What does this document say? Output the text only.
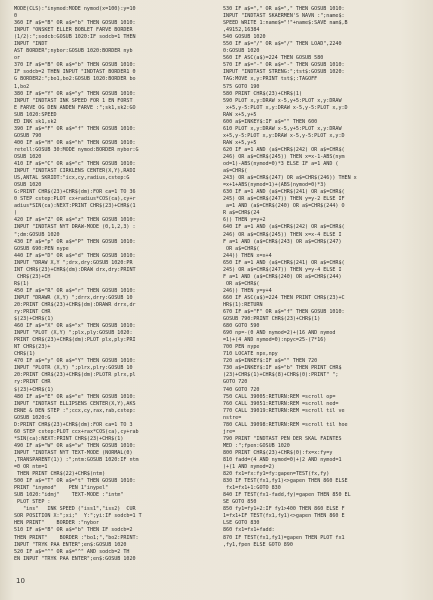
MODE(CLS):"inymod:MODE nymod(x=100):y=10
0
360 IF a$="B" OR a$="b" THEN GOSUB 1010:
INPUT "ONSKET ELLER BOBLET FARVE BORDER
(1/2):";sodcb:GOSUB 1020:IF sodcb=1 THEN
INPUT "INDT
AST BORDER";nybor:GOSUB 1020:BORDER nyb
or
370 IF a$="B" OR a$="b" THEN GOSUB 1010:
IF sodcb=2 THEN INPUT "INDTAST BORDER1 0
G BORDER2:";bo1,bo2:GOSUB 1020:BORDER bo
1,bo2
380 IF a$="Y" OR a$="y" THEN GOSUB 1010:
INPUT "INDTAST INK SPEED FOR 1 EN FORST
E FARVE OG DEN ANDEN FARVE :";sk1,sk2:GO
SUB 1020:SPEED
ED INK sk1,sk2
390 IF a$="F" OR a$="f" THEN GOSUB 1010:
GOSUB 790
400 IF a$="H" OR a$="h" THEN GOSUB 1010:
retell:GOSUB 30:MODE nymod:BORDER nybor:G
OSUB 1020
410 IF a$="C" OR a$="c" THEN GOSUB 1010:
INPUT "INDTAST CIRKLENS CENTER(X,Y),RADI
US,ANTAL SKRIDT:"icx,cy,radius,cstep:G
OSUB 1020
G:PRINT CHR$(23)+CHR$(dm):FOR ca=1 TO 36
0 STEP cstep:PLOT cx+radius*COS(ca),cy+r
adius*SIN(ca):NEXT:PRINT CHR$(23)+CHR$(1
)
420 IF a$="Z" OR a$="z" THEN GOSUB 1010:
INPUT "INDTAST NYT DRAW-MODE (0,1,2,3) :
";dm:GOSUB 1020
430 IF a$="p" OR a$="P" THEN GOSUB 1010:
GOSUB 690:PEN nype
440 IF a$="D" OR a$="d" THEN GOSUB 1010:
INPUT "DRAW X,Y ";drx,dry:GOSUB 1020:PR
INT CHR$(23)+CHR$(dm):DRAW drx,dry:PRINT
CHR$(23)+CH
R$(1)
450 IF a$="R" OR a$="r" THEN GOSUB 1010:
INPUT "DRAWR (X,Y) ";drrx,drry:GOSUB 10
20:PRINT CHR$(23)+CHR$(dm):DRAWR drrx,dr
ry:PRINT CHR
$(23)+CHR$(1)
460 IF a$="X" OR a$="x" THEN GOSUB 1010:
INPUT "PLOT (X,Y) ";plx,ply:GOSUB 1020:
PRINT CHR$(23)+CHR$(dm):PLOT plx,ply:PRI
NT CHR$(23)+
CHR$(1)
470 IF a$="y" OR a$="Y" THEN GOSUB 1010:
INPUT "PLOTR (X,Y) ";plrx,plry:GOSUB 10
20:PRINT CHR$(23)+CHR$(dm):PLOTR plrx,pl
ry:PRINT CHR
$(23)+CHR$(1)
480 IF a$="E" OR a$="e" THEN GOSUB 1010:
INPUT "INDTAST ELLIPSENS CENTER(X,Y),AKS
ERNE & DEN STEP :";ccx,cy,rax,rab,cstep:
GOSUB 1020:G
D:PRINT CHR$(23)+CHR$(dm):FOR ca=1 TO 3
60 STEP cstep:PLOT ccx+rax*COS(ca),cy+rab
*SIN(ca):NEXT:PRINT CHR$(23)+CHR$(1)
490 IF a$="W" OR a$="w" THEN GOSUB 1010:
INPUT "INDTAST NYT TEXT-MODE (NORMAL(0)
,TRANSPARENT(1)) :";ntm:GOSUB 1020:IF ntm
=0 OR ntm=1
THEN PRINT CHR$(22)+CHR$(ntm)
500 IF a$="T" OR a$="t" THEN GOSUB 1010:
PRINT "inymod"    PEN 1"inypel"
SUB 1020:"idmj"    TEXT-MODE :"intm"
PLOT STEP :
"ins"   INK SPEED ("iss1","iss2)  CUR
SOR POSITION X:";xi;"  Y:";yi:IF sodcb=1 T
HEN PRINT"    BORDER :"nybor
510 IF a$="B" OR a$="b" THEN IF sodcb=2
THEN PRINT"    BORDER :"bo1;","bo2:PRINT:
INPUT "TRYK PAA ENTER";en$:GOSUB 1020
520 IF a$="^" OR a$="^" AND sodcb=2 TH
EN INPUT "TRYK PAA ENTER";en$:GOSUB 1020
530 IF a$="," OR a$="," THEN GOSUB 1010:
INPUT "INDTAST SKAERMEN'S NAVN :";name$:
SPEED WRITE 1:name$="!"+name$:SAVE nam$,B
,49152,16384
540 GOSUB 1020
550 IF a$="/" OR a$="/" THEN LOAD",2240
0:GOSUB 1020
560 IF ASC(a$)=224 THEN GOSUB 580
570 IF a$="-" OR a$="-" THEN GOSUB 1010:
INPUT "INDTAST STRENG:";tst$:GOSUB 1020:
TAG:MOVE x,y:PRINT tst$;:TAGOFF
575 GOTO 190
580 PRINT CHR$(23)+CHR$(1)
590 PLOT x,y:DRAW x-5,y+5:PLOT x,y:DRAW
x+5,y-5:PLOT x,y:DRAW x-5,y-5:PLOT x,y:D
RAW x+5,y+5
600 a$=INKEY$:IF a$="" THEN 600
610 PLOT x,y:DRAW x-5,y+5:PLOT x,y:DRAW
x+5,y-5:PLOT x,y:DRAW x-5,y-5:PLOT x,y:D
RAW x+5,y+5
620 IF a=1 AND (a$=CHR$(242) OR a$=CHR$(
246) OR a$=CHR$(245)) THEN x=x-1-ABS(nym
od=1)-ABS(nymod=0)*3 ELSE IF a=1 AND (
a$=CHR$(
243) OR a$=CHR$(247) OR a$=CHR$(246)) THEN x
=x+1+ABS(nymod=1)+(ABS(nymod=0)*3)
630 IF a=1 AND (a$=CHR$(241) OR a$=CHR$(
245) OR a$=CHR$(247)) THEN y=y-2 ELSE IF
a=1 AND (a$=CHR$(240) OR a$=CHR$(244) O
R a$=CHR$(24
6)) THEN y=y+2
640 IF a=1 AND (a$=CHR$(242) OR a$=CHR$(
246) OR a$=CHR$(245)) THEN x=x-4 ELSE I
F a=1 AND (a$=CHR$(243) OR a$=CHR$(247)
OR a$=CHR$(
244)) THEN x=x+4
650 IF a=1 AND (a$=CHR$(241) OR a$=CHR$(
245) OR a$=CHR$(247)) THEN y=y-4 ELSE I
F a=1 AND (a$=CHR$(240) OR a$=CHR$(244)
OR a$=CHR$(
246)) THEN y=y+4
660 IF ASC(a$)=224 THEN PRINT CHR$(23)+C
HR$(1):RETURN
670 IF a$="F" OR a$="f" THEN GOSUB 1010:
GOSUB 790:PRINT CHR$(23)+CHR$(1)
680 GOTO 590
690 np=-(0 AND nymod=2)+(16 AND nymod
=1)+(4 AND nymod=0):npyc=25-(7*16)
700 PEN nype
710 LOCATE npx,npy
720 a$=INKEY$:IF a$="" THEN 720
730 a$=INKEY$:IF a$="b" THEN PRINT CHR$
(23)+CHR$(1)+CHR$(8)+CHR$(0):PRINT" ";
GOTO 720
740 GOTO 720
750 CALL 39005:RETURN:REM =scroll op=
760 CALL 39051:RETURN:REM =scroll ned=
770 CALL 39019:RETURN:REM =scroll til ve
nstre=
780 CALL 39098:RETURN:REM =scroll til hoe
jre=
790 PRINT "INDTAST PEN DER SKAL FAINTES
MED :";fpen:GOSUB 1020
800 PRINT CHR$(23)+CHR$(0):fx=x:fy=y
810 fadd=(4 AND nymod=0)+(2 AND nymod=1
)+(1 AND nymod=2)
820 fx1=fx:fy1=fy:gapen=TEST(fx,fy)
830 IF TEST(fx1,fy1)<>gapen THEN 860 ELSE
fx1=fx1+1:GOTO 830
840 IF TEST(fx1-fadd,fy)=gapen THEN 850 EL
SE GOTO 850
850 fy1=fy1+2:IF fy1>400 THEN 860 ELSE F
1=fx1+IF TEST(fx1,fy1)<>gapen THEN 860 E
LSE GOTO 830
860 fx1=fx1+fadd:
870 IF TEST(fx1,fy1)=gapen THEN PLOT fx1
,fy1,fpen ELSE GOTO 890
10
